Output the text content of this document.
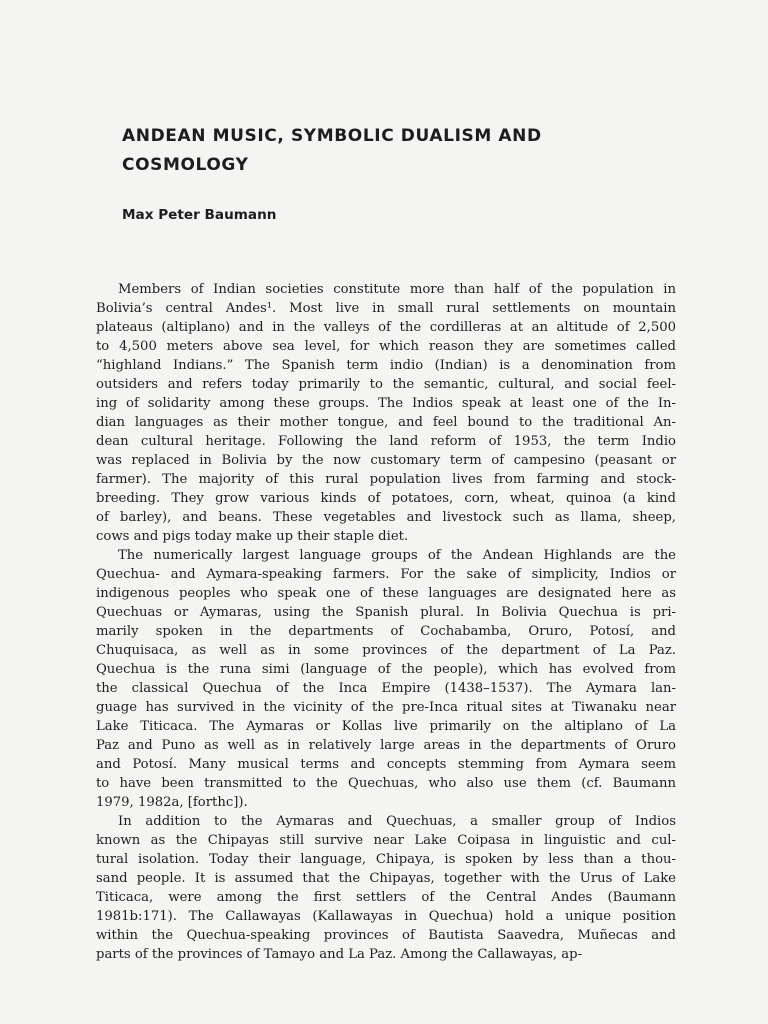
ANDEAN MUSIC, SYMBOLIC DUALISM AND
COSMOLOGY

Max Peter Baumann

Members of Indian societies constitute more than half of the population in
Bolivia’s central Andes¹. Most live in small rural settlements on mountain
plateaus (altiplano) and in the valleys of the cordilleras at an altitude of 2,500
to 4,500 meters above sea level, for which reason they are sometimes called
“highland Indians.” The Spanish term indio (Indian) is a denomination from
outsiders and refers today primarily to the semantic, cultural, and social feel-
ing of solidarity among these groups. The Indios speak at least one of the In-
dian languages as their mother tongue, and feel bound to the traditional An-
dean cultural heritage. Following the land reform of 1953, the term Indio
was replaced in Bolivia by the now customary term of campesino (peasant or
farmer). The majority of this rural population lives from farming and stock-
breeding. They grow various kinds of potatoes, corn, wheat, quinoa (a kind
of barley), and beans. These vegetables and livestock such as llama, sheep,
cows and pigs today make up their staple diet.
The numerically largest language groups of the Andean Highlands are the
Quechua- and Aymara-speaking farmers. For the sake of simplicity, Indios or
indigenous peoples who speak one of these languages are designated here as
Quechuas or Aymaras, using the Spanish plural. In Bolivia Quechua is pri-
marily spoken in the departments of Cochabamba, Oruro, Potosí, and
Chuquisaca, as well as in some provinces of the department of La Paz.
Quechua is the runa simi (language of the people), which has evolved from
the classical Quechua of the Inca Empire (1438–1537). The Aymara lan-
guage has survived in the vicinity of the pre-Inca ritual sites at Tiwanaku near
Lake Titicaca. The Aymaras or Kollas live primarily on the altiplano of La
Paz and Puno as well as in relatively large areas in the departments of Oruro
and Potosí. Many musical terms and concepts stemming from Aymara seem
to have been transmitted to the Quechuas, who also use them (cf. Baumann
1979, 1982a, [forthc]).
In addition to the Aymaras and Quechuas, a smaller group of Indios
known as the Chipayas still survive near Lake Coipasa in linguistic and cul-
tural isolation. Today their language, Chipaya, is spoken by less than a thou-
sand people. It is assumed that the Chipayas, together with the Urus of Lake
Titicaca, were among the first settlers of the Central Andes (Baumann
1981b:171). The Callawayas (Kallawayas in Quechua) hold a unique position
within the Quechua-speaking provinces of Bautista Saavedra, Muñecas and
parts of the provinces of Tamayo and La Paz. Among the Callawayas, ap-
